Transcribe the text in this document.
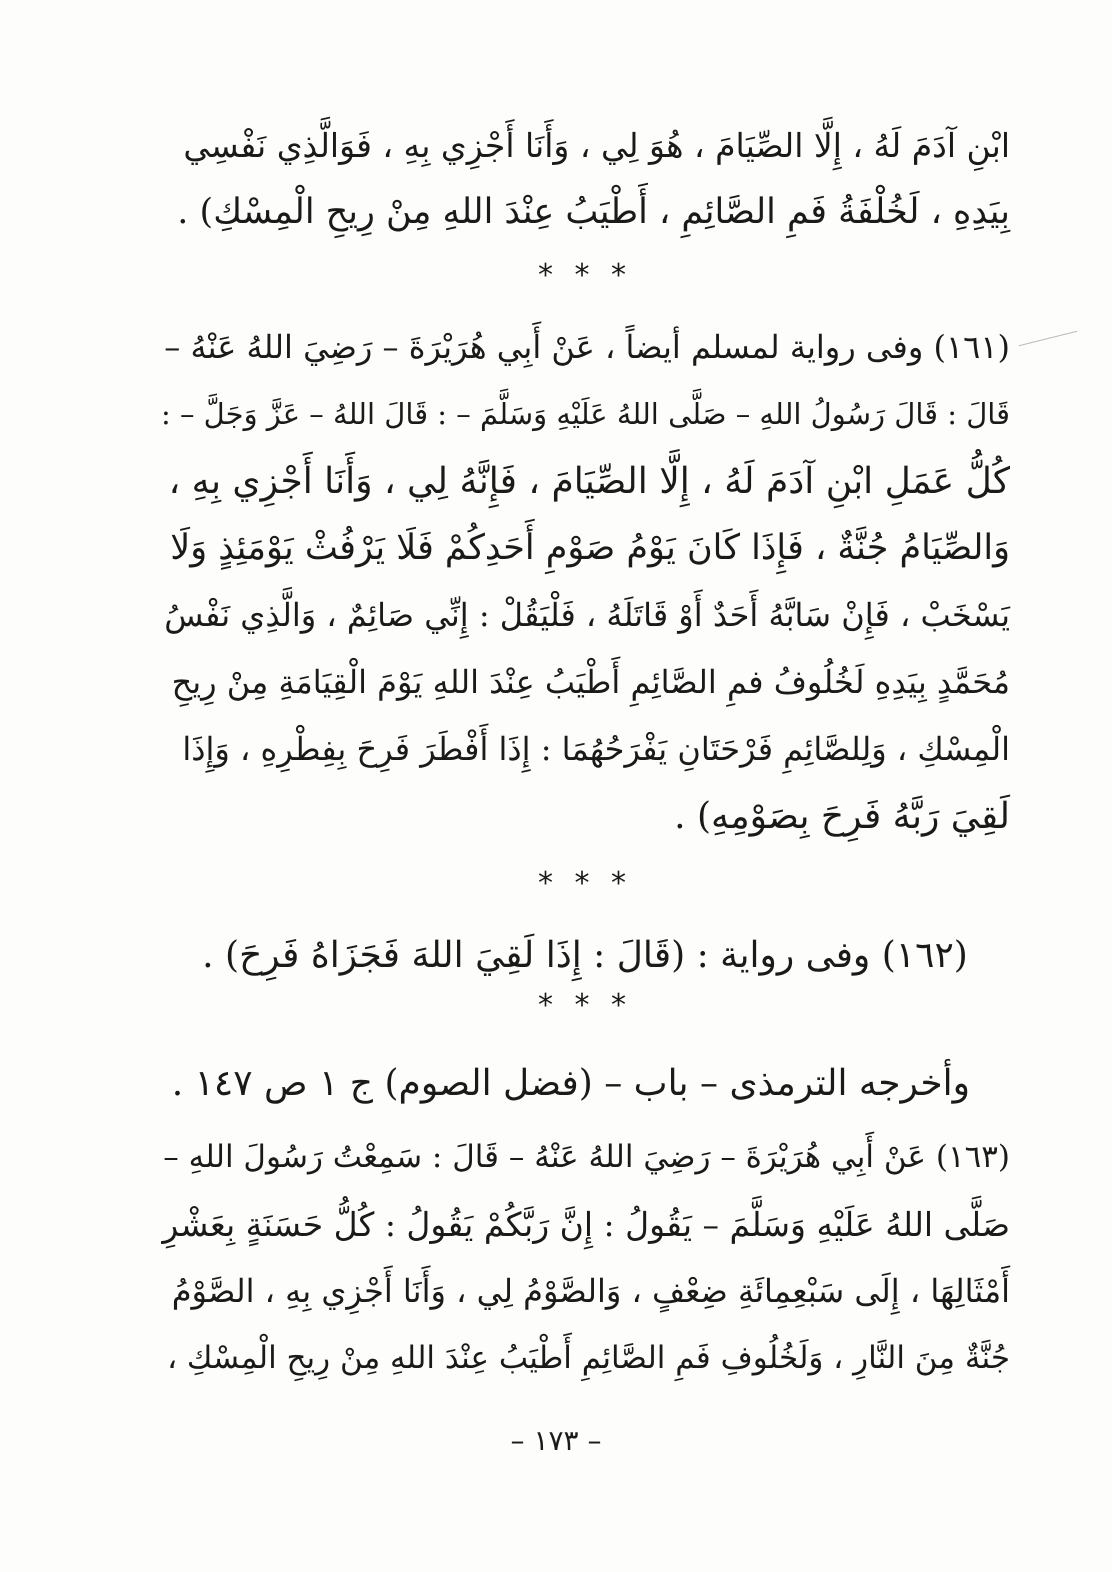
ابْنِ آدَمَ لَهُ ، إِلَّا الصِّيَامَ ، هُوَ لِي ، وَأَنَا أَجْزِي بِهِ ، فَوَالَّذِي نَفْسِي
بِيَدِهِ ، لَخُلْفَةُ فَمِ الصَّائِمِ ، أَطْيَبُ عِنْدَ اللهِ مِنْ رِيحِ الْمِسْكِ) .
* * *
(١٦١) وفى رواية لمسلم أيضاً ، عَنْ أَبِي هُرَيْرَةَ – رَضِيَ اللهُ عَنْهُ –
قَالَ : قَالَ رَسُولُ اللهِ – صَلَّى اللهُ عَلَيْهِ وَسَلَّمَ – : قَالَ اللهُ – عَزَّ وَجَلَّ – :
كُلُّ عَمَلِ ابْنِ آدَمَ لَهُ ، إِلَّا الصِّيَامَ ، فَإِنَّهُ لِي ، وَأَنَا أَجْزِي بِهِ ،
وَالصِّيَامُ جُنَّةٌ ، فَإِذَا كَانَ يَوْمُ صَوْمِ أَحَدِكُمْ فَلَا يَرْفُثْ يَوْمَئِذٍ وَلَا
يَسْخَبْ ، فَإِنْ سَابَّهُ أَحَدٌ أَوْ قَاتَلَهُ ، فَلْيَقُلْ : إِنِّي صَائِمٌ ، وَالَّذِي نَفْسُ
مُحَمَّدٍ بِيَدِهِ لَخُلُوفُ فمِ الصَّائِمِ أَطْيَبُ عِنْدَ اللهِ يَوْمَ الْقِيَامَةِ مِنْ رِيحِ
الْمِسْكِ ، وَلِلصَّائِمِ فَرْحَتَانِ يَفْرَحُهُمَا : إِذَا أَفْطَرَ فَرِحَ بِفِطْرِهِ ، وَإِذَا
لَقِيَ رَبَّهُ فَرِحَ بِصَوْمِهِ) .
* * *
(١٦٢) وفى رواية : (قَالَ : إِذَا لَقِيَ اللهَ فَجَزَاهُ فَرِحَ) .
* * *
وأخرجه الترمذى – باب – (فضل الصوم) ج ١ ص ١٤٧ .
(١٦٣) عَنْ أَبِي هُرَيْرَةَ – رَضِيَ اللهُ عَنْهُ – قَالَ : سَمِعْتُ رَسُولَ اللهِ –
صَلَّى اللهُ عَلَيْهِ وَسَلَّمَ – يَقُولُ : إِنَّ رَبَّكُمْ يَقُولُ : كُلُّ حَسَنَةٍ بِعَشْرِ
أَمْثَالِهَا ، إِلَى سَبْعِمِائَةِ ضِعْفٍ ، وَالصَّوْمُ لِي ، وَأَنَا أَجْزِي بِهِ ، الصَّوْمُ
جُنَّةٌ مِنَ النَّارِ ، وَلَخُلُوفِ فَمِ الصَّائِمِ أَطْيَبُ عِنْدَ اللهِ مِنْ رِيحِ الْمِسْكِ ،
– ١٧٣ –
